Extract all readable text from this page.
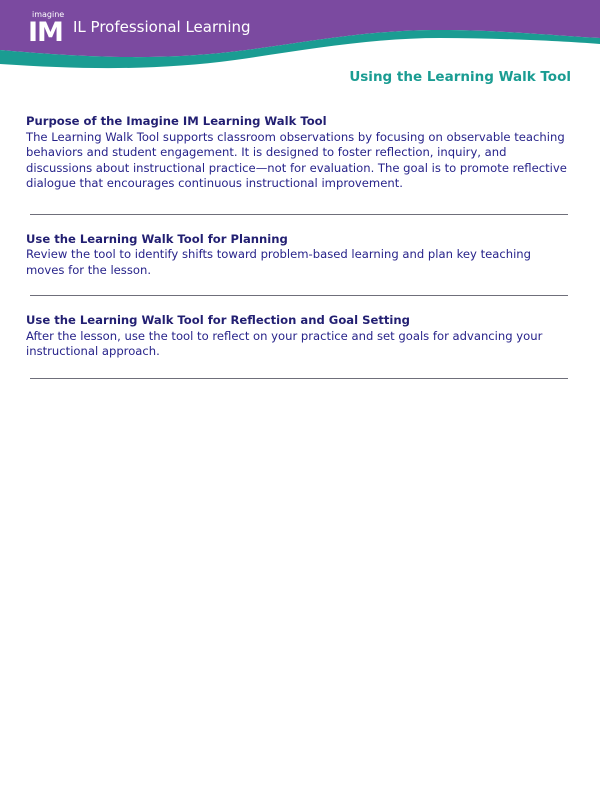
imagine
IM IL Professional Learning
Using the Learning Walk Tool

Purpose of the Imagine IM Learning Walk Tool

The Learning Walk Tool supports classroom observations by focusing on observable teaching behaviors and student engagement. It is designed to foster reflection, inquiry, and discussions about instructional practice—not for evaluation. The goal is to promote reflective dialogue that encourages continuous instructional improvement.

Use the Learning Walk Tool for Planning

Review the tool to identify shifts toward problem-based learning and plan key teaching moves for the lesson.

Use the Learning Walk Tool for Reflection and Goal Setting

After the lesson, use the tool to reflect on your practice and set goals for advancing your instructional approach.
